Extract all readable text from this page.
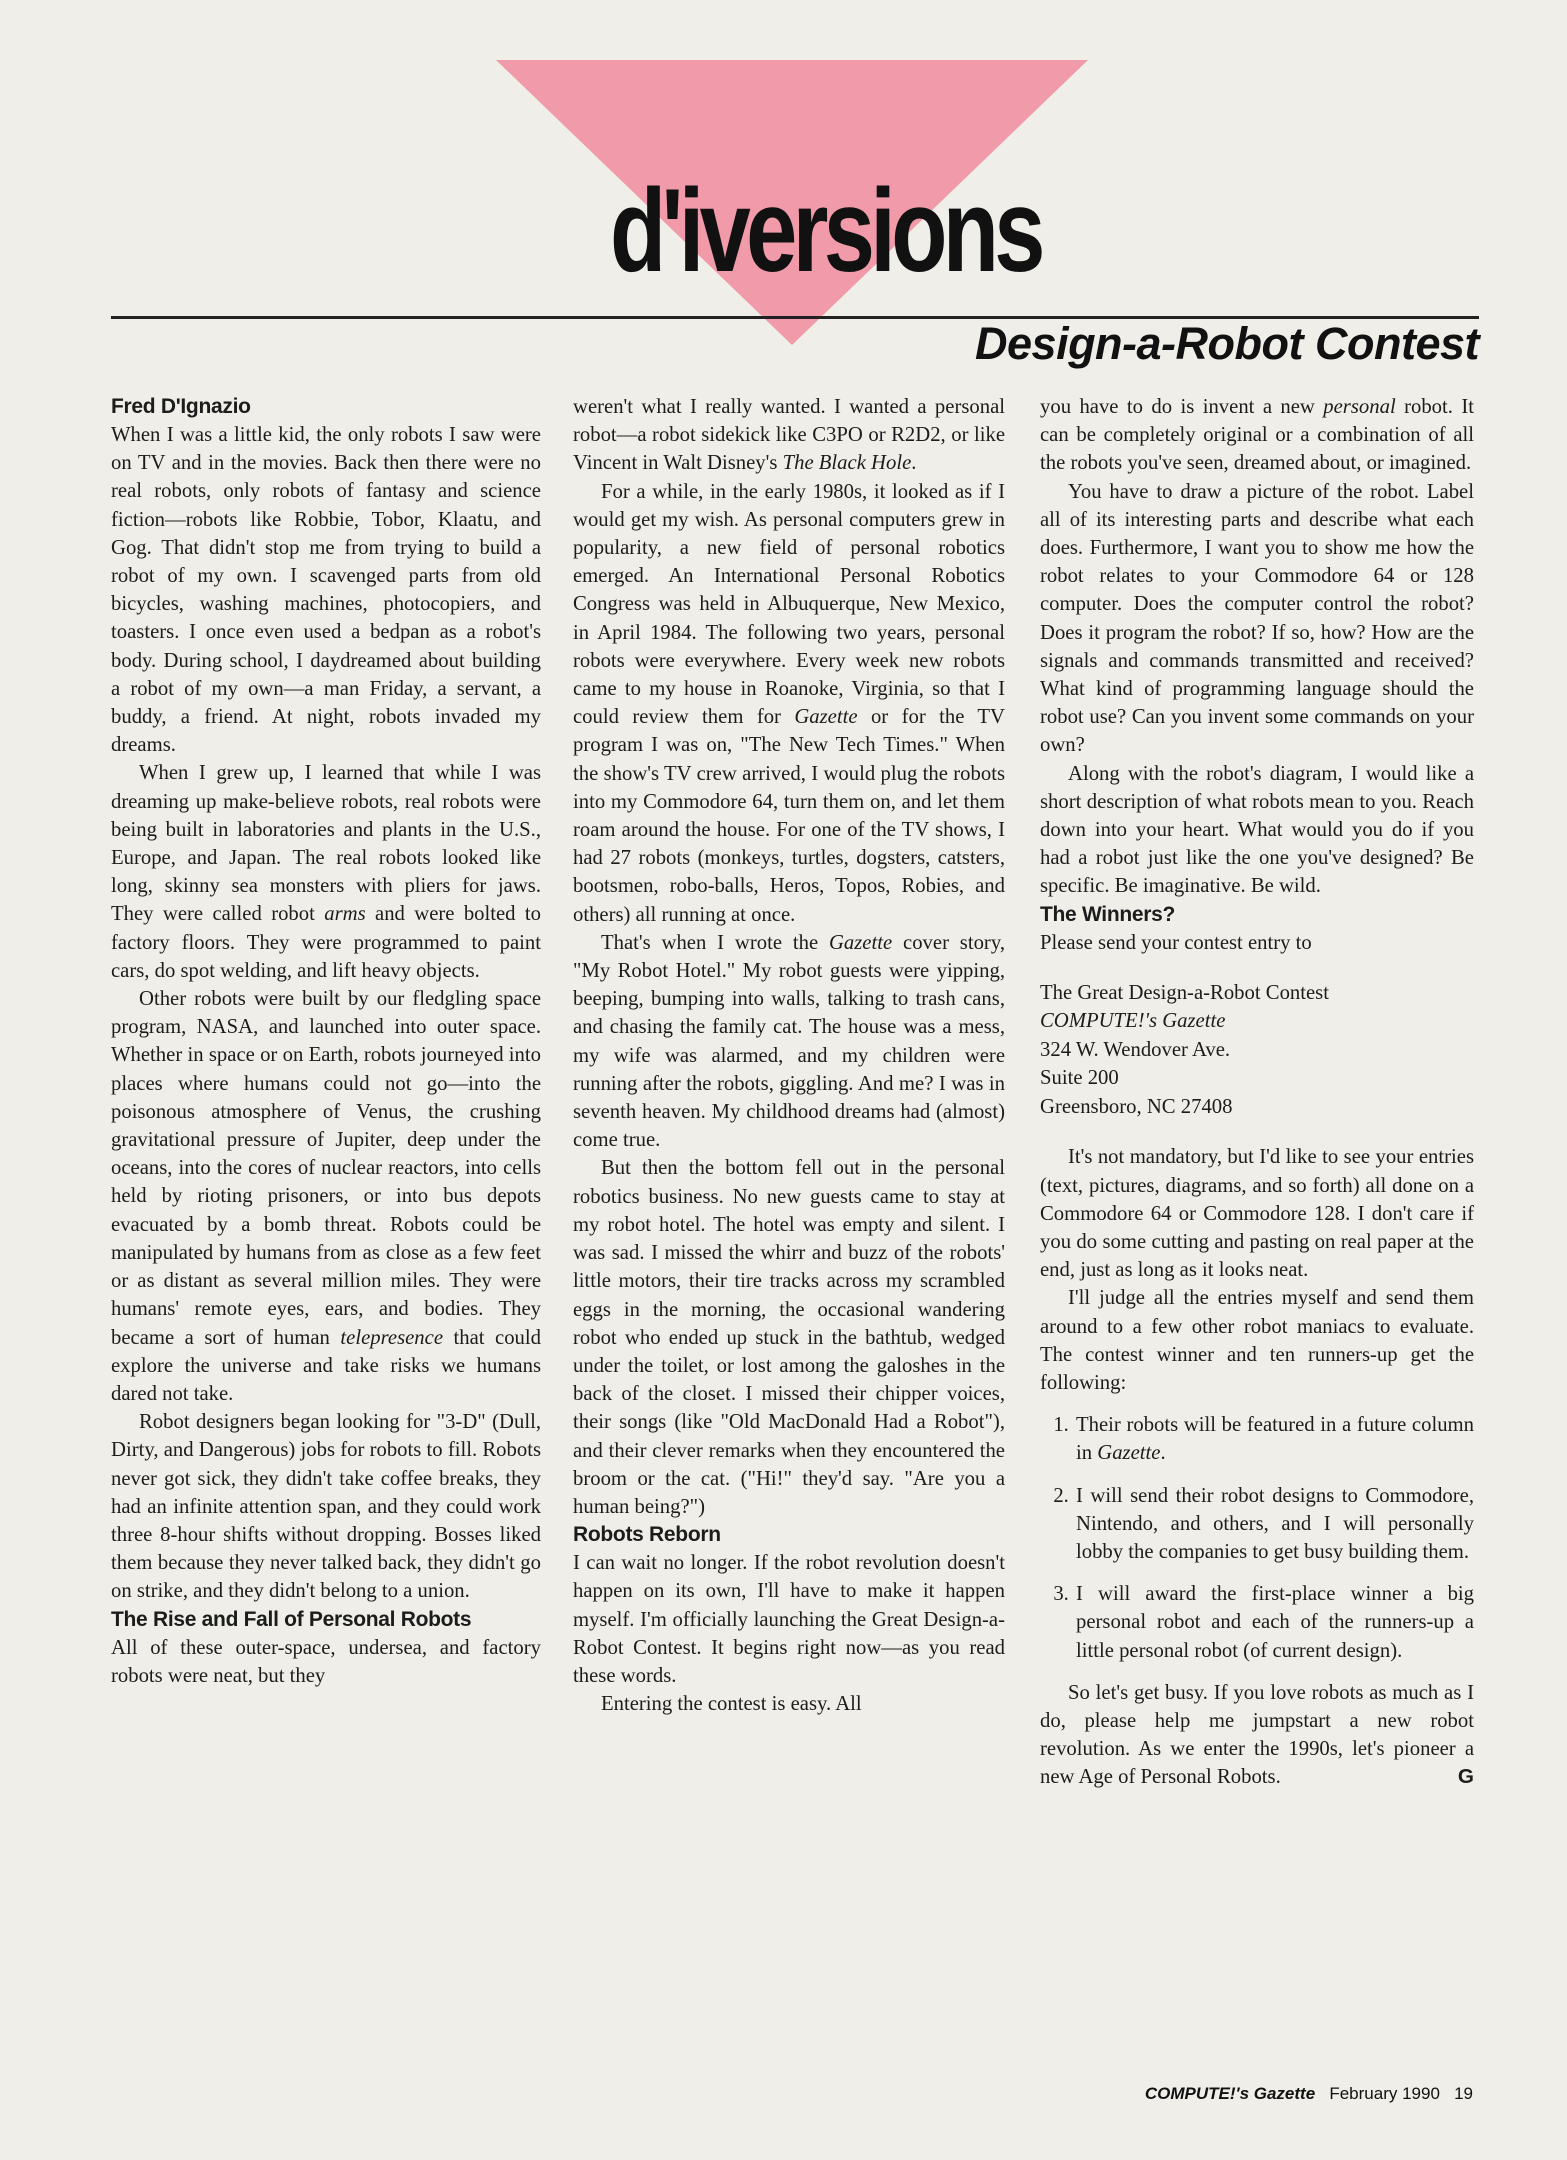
d'iversions
Design-a-Robot Contest

Fred D'Ignazio

When I was a little kid, the only robots I saw were on TV and in the movies. Back then there were no real robots, only robots of fantasy and science fiction—robots like Robbie, Tobor, Klaatu, and Gog. That didn't stop me from trying to build a robot of my own. I scavenged parts from old bicycles, washing machines, photocopiers, and toasters. I once even used a bedpan as a robot's body. During school, I daydreamed about building a robot of my own—a man Friday, a servant, a buddy, a friend. At night, robots invaded my dreams.

When I grew up, I learned that while I was dreaming up make-believe robots, real robots were being built in laboratories and plants in the U.S., Europe, and Japan. The real robots looked like long, skinny sea monsters with pliers for jaws. They were called robot arms and were bolted to factory floors. They were programmed to paint cars, do spot welding, and lift heavy objects.

Other robots were built by our fledgling space program, NASA, and launched into outer space. Whether in space or on Earth, robots journeyed into places where humans could not go—into the poisonous atmosphere of Venus, the crushing gravitational pressure of Jupiter, deep under the oceans, into the cores of nuclear reactors, into cells held by rioting prisoners, or into bus depots evacuated by a bomb threat. Robots could be manipulated by humans from as close as a few feet or as distant as several million miles. They were humans' remote eyes, ears, and bodies. They became a sort of human telepresence that could explore the universe and take risks we humans dared not take.

Robot designers began looking for "3-D" (Dull, Dirty, and Dangerous) jobs for robots to fill. Robots never got sick, they didn't take coffee breaks, they had an infinite attention span, and they could work three 8-hour shifts without dropping. Bosses liked them because they never talked back, they didn't go on strike, and they didn't belong to a union.

The Rise and Fall of Personal Robots

All of these outer-space, undersea, and factory robots were neat, but they

weren't what I really wanted. I wanted a personal robot—a robot sidekick like C3PO or R2D2, or like Vincent in Walt Disney's The Black Hole.

For a while, in the early 1980s, it looked as if I would get my wish. As personal computers grew in popularity, a new field of personal robotics emerged. An International Personal Robotics Congress was held in Albuquerque, New Mexico, in April 1984. The following two years, personal robots were everywhere. Every week new robots came to my house in Roanoke, Virginia, so that I could review them for Gazette or for the TV program I was on, "The New Tech Times." When the show's TV crew arrived, I would plug the robots into my Commodore 64, turn them on, and let them roam around the house. For one of the TV shows, I had 27 robots (monkeys, turtles, dogsters, catsters, bootsmen, robo-balls, Heros, Topos, Robies, and others) all running at once.

That's when I wrote the Gazette cover story, "My Robot Hotel." My robot guests were yipping, beeping, bumping into walls, talking to trash cans, and chasing the family cat. The house was a mess, my wife was alarmed, and my children were running after the robots, giggling. And me? I was in seventh heaven. My childhood dreams had (almost) come true.

But then the bottom fell out in the personal robotics business. No new guests came to stay at my robot hotel. The hotel was empty and silent. I was sad. I missed the whirr and buzz of the robots' little motors, their tire tracks across my scrambled eggs in the morning, the occasional wandering robot who ended up stuck in the bathtub, wedged under the toilet, or lost among the galoshes in the back of the closet. I missed their chipper voices, their songs (like "Old MacDonald Had a Robot"), and their clever remarks when they encountered the broom or the cat. ("Hi!" they'd say. "Are you a human being?")

Robots Reborn

I can wait no longer. If the robot revolution doesn't happen on its own, I'll have to make it happen myself. I'm officially launching the Great Design-a-Robot Contest. It begins right now—as you read these words.

Entering the contest is easy. All

you have to do is invent a new personal robot. It can be completely original or a combination of all the robots you've seen, dreamed about, or imagined.

You have to draw a picture of the robot. Label all of its interesting parts and describe what each does. Furthermore, I want you to show me how the robot relates to your Commodore 64 or 128 computer. Does the computer control the robot? Does it program the robot? If so, how? How are the signals and commands transmitted and received? What kind of programming language should the robot use? Can you invent some commands on your own?

Along with the robot's diagram, I would like a short description of what robots mean to you. Reach down into your heart. What would you do if you had a robot just like the one you've designed? Be specific. Be imaginative. Be wild.

The Winners?

Please send your contest entry to

The Great Design-a-Robot Contest
COMPUTE!'s Gazette
324 W. Wendover Ave.
Suite 200
Greensboro, NC 27408

It's not mandatory, but I'd like to see your entries (text, pictures, diagrams, and so forth) all done on a Commodore 64 or Commodore 128. I don't care if you do some cutting and pasting on real paper at the end, just as long as it looks neat.

I'll judge all the entries myself and send them around to a few other robot maniacs to evaluate. The contest winner and ten runners-up get the following:

1. Their robots will be featured in a future column in Gazette.
2. I will send their robot designs to Commodore, Nintendo, and others, and I will personally lobby the companies to get busy building them.
3. I will award the first-place winner a big personal robot and each of the runners-up a little personal robot (of current design).

So let's get busy. If you love robots as much as I do, please help me jumpstart a new robot revolution. As we enter the 1990s, let's pioneer a new Age of Personal Robots.	G

COMPUTE!'s Gazette February 1990 19
